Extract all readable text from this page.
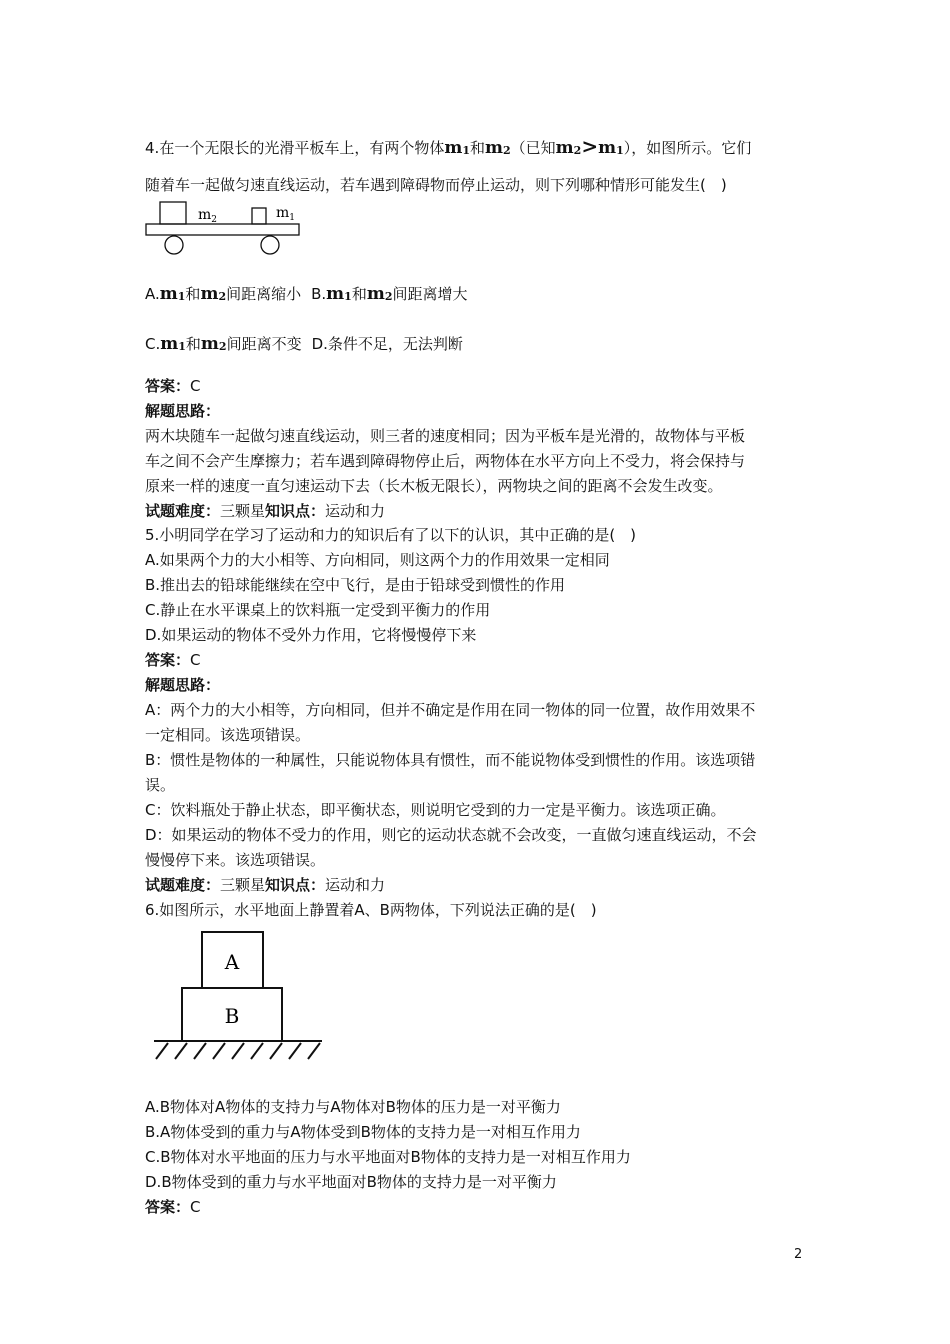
4.在一个无限长的光滑平板车上，有两个物体$m_1$和$m_2$（已知$m_2>m_1$），如图所示。它们
随着车一起做匀速直线运动，若车遇到障碍物而停止运动，则下列哪种情形可能发生(　)
$m_2$	$m_1$
$A.m_1$和$m_2$间距离缩小 $B.m_1$和$m_2$间距离增大
$C.m_1$和$m_2$间距离不变 D.条件不足，无法判断
答案：C
解题思路：
两木块随车一起做匀速直线运动，则三者的速度相同；因为平板车是光滑的，故物体与平板
车之间不会产生摩擦力；若车遇到障碍物停止后，两物体在水平方向上不受力，将会保持与
原来一样的速度一直匀速运动下去（长木板无限长），两物块之间的距离不会发生改变。
试题难度：三颗星知识点：运动和力
5.小明同学在学习了运动和力的知识后有了以下的认识，其中正确的是(　)
A.如果两个力的大小相等、方向相同，则这两个力的作用效果一定相同
B.推出去的铅球能继续在空中飞行，是由于铅球受到惯性的作用
C.静止在水平课桌上的饮料瓶一定受到平衡力的作用
D.如果运动的物体不受外力作用，它将慢慢停下来
答案：C
解题思路：
A：两个力的大小相等，方向相同，但并不确定是作用在同一物体的同一位置，故作用效果不
一定相同。该选项错误。
B：惯性是物体的一种属性，只能说物体具有惯性，而不能说物体受到惯性的作用。该选项错
误。
C：饮料瓶处于静止状态，即平衡状态，则说明它受到的力一定是平衡力。该选项正确。
D：如果运动的物体不受力的作用，则它的运动状态就不会改变，一直做匀速直线运动，不会
慢慢停下来。该选项错误。
试题难度：三颗星知识点：运动和力
6.如图所示，水平地面上静置着A、B两物体，下列说法正确的是(　)
A
B
A.B物体对A物体的支持力与A物体对B物体的压力是一对平衡力
B.A物体受到的重力与A物体受到B物体的支持力是一对相互作用力
C.B物体对水平地面的压力与水平地面对B物体的支持力是一对相互作用力
D.B物体受到的重力与水平地面对B物体的支持力是一对平衡力
答案：C
2
